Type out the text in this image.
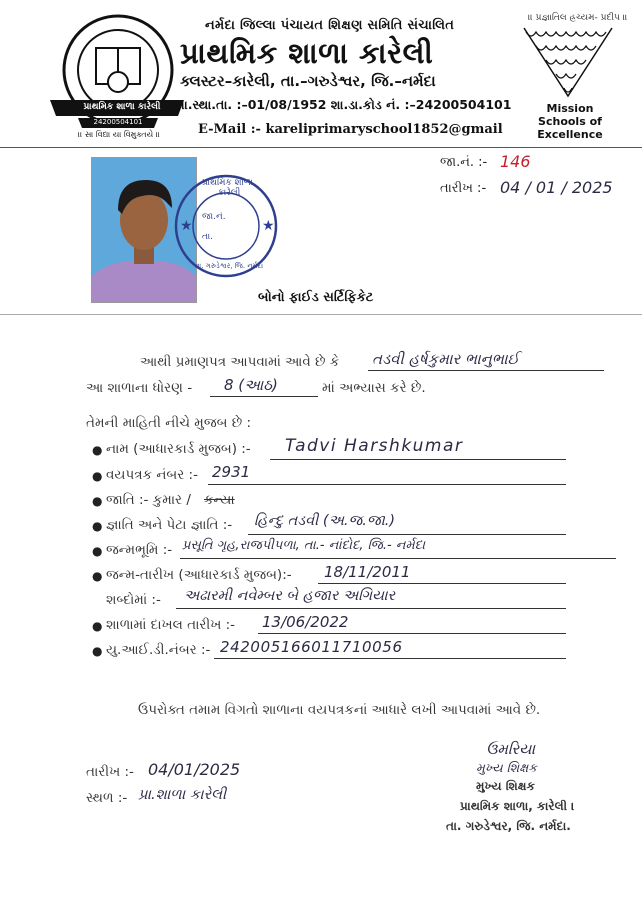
પ્રાથમિક શાળા કારેલી
24200504101
।। સા વિદ્યા યા વિમુક્તયે ।।
નર્મદા જિલ્લા પંચાયત શિક્ષણ સમિતિ સંચાલિત
પ્રાથમિક શાળા કારેલી
ક્લસ્ટર–કારેલી, તા.–ગરુડેશ્વર, જિ.–નર્મદા
શા.સ્થા.તા. :–01/08/1952 શા.ડા.કોડ નં. :–24200504101
E-Mail :- kareliprimaryschool1852@gmail
॥ પ્રજ્ઞાતિલ હ્રચ્યમ- પ્રદીપ ॥
Mission
Schools of Excellence
★	★
પ્રાથમિક શાળા, કારેલી
જા.નં.
તા.
તા. ગરુડેશ્વર, જિ. નર્મદા
જા.નં. :- 146
તારીખ :- 04 / 01 / 2025
બોનો ફાઈડ સર્ટિફિકેટ
આથી પ્રમાણપત્ર આપવામાં આવે છે કે તડવી હર્ષકુમાર ભાનુભાઈ
આ શાળાના ધોરણ - 8 (આઠ)	માં અભ્યાસ કરે છે.
તેમની માહિતી નીચે મુજબ છે :
● નામ (આધારકાર્ડ મુજબ) :- Tadvi Harshkumar
● વયપત્રક નંબર :- 2931
● જાતિ :- કુમાર / કન્યા
● જ્ઞાતિ અને પેટા જ્ઞાતિ :- હિન્દુ તડવી (અ.જ.જા.)
● જન્મભૂમિ :- પ્રસૂતિ ગૃહ,રાજપીપળા, તા.- નાંદોદ, જિ.- નર્મદા
● જન્મ-તારીખ (આધારકાર્ડ મુજબ):- 18/11/2011
શબ્દોમાં :- અઢારમી નવેમ્બર બે હજાર અગિયાર
● શાળામાં દાખલ તારીખ :- 13/06/2022
● યુ.આઈ.ડી.નંબર :- 242005166011710056
ઉપરોક્ત તમામ વિગતો શાળાના વયપત્રકનાં આધારે લખી આપવામાં આવે છે.
તારીખ :- 04/01/2025
સ્થળ :- પ્રા.શાળા કારેલી
ઉમરિયા
મુખ્ય શિક્ષક
મુખ્ય શિક્ષક
પ્રાથમિક શાળા, કારેલી ।
તા. ગરુડેશ્વર, જિ. નર્મદા.
